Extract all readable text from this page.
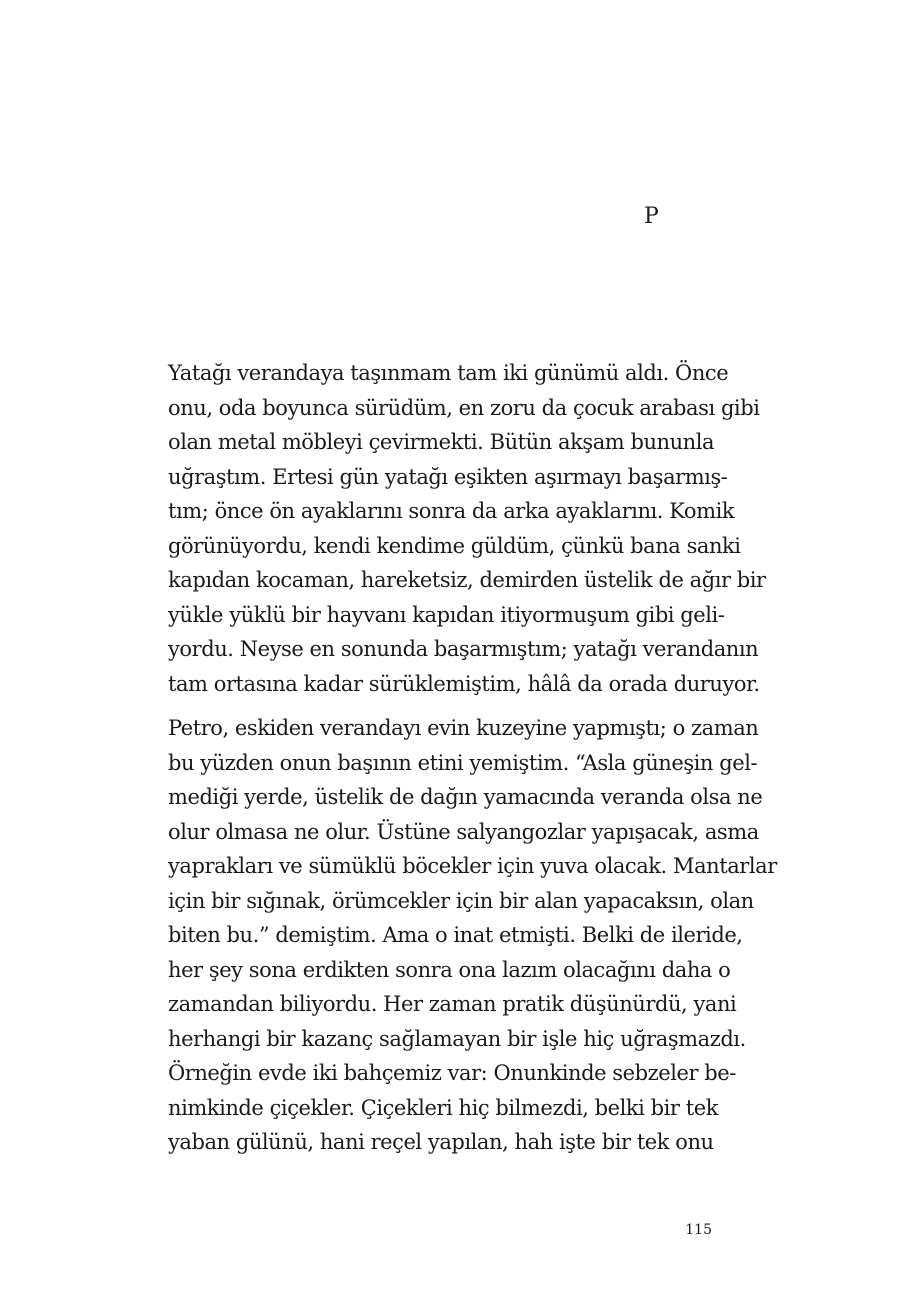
P

Yatağı verandaya taşınmam tam iki günümü aldı. Önce
onu, oda boyunca sürüdüm, en zoru da çocuk arabası gibi
olan metal möbleyi çevirmekti. Bütün akşam bununla
uğraştım. Ertesi gün yatağı eşikten aşırmayı başarmış-
tım; önce ön ayaklarını sonra da arka ayaklarını. Komik
görünüyordu, kendi kendime güldüm, çünkü bana sanki
kapıdan kocaman, hareketsiz, demirden üstelik de ağır bir
yükle yüklü bir hayvanı kapıdan itiyormuşum gibi geli-
yordu. Neyse en sonunda başarmıştım; yatağı verandanın
tam ortasına kadar sürüklemiştim, hâlâ da orada duruyor.

Petro, eskiden verandayı evin kuzeyine yapmıştı; o zaman
bu yüzden onun başının etini yemiştim. “Asla güneşin gel-
mediği yerde, üstelik de dağın yamacında veranda olsa ne
olur olmasa ne olur. Üstüne salyangozlar yapışacak, asma
yaprakları ve sümüklü böcekler için yuva olacak. Mantarlar
için bir sığınak, örümcekler için bir alan yapacaksın, olan
biten bu.” demiştim. Ama o inat etmişti. Belki de ileride,
her şey sona erdikten sonra ona lazım olacağını daha o
zamandan biliyordu. Her zaman pratik düşünürdü, yani
herhangi bir kazanç sağlamayan bir işle hiç uğraşmazdı.
Örneğin evde iki bahçemiz var: Onunkinde sebzeler be-
nimkinde çiçekler. Çiçekleri hiç bilmezdi, belki bir tek
yaban gülünü, hani reçel yapılan, hah işte bir tek onu

115
